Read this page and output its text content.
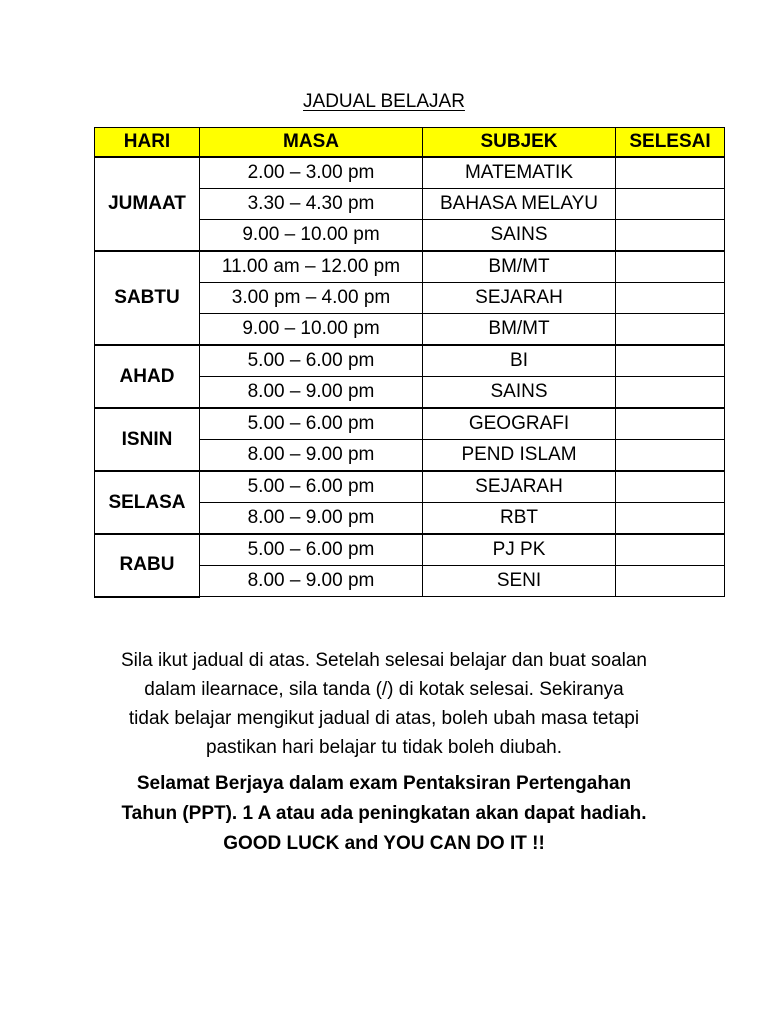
JADUAL BELAJAR
HARI	MASA	SUBJEK	SELESAI
JUMAAT	2.00 – 3.00 pm	MATEMATIK	
	3.30 – 4.30 pm	BAHASA MELAYU	
	9.00 – 10.00 pm	SAINS	
SABTU	11.00 am – 12.00 pm	BM/MT	
	3.00 pm – 4.00 pm	SEJARAH	
	9.00 – 10.00 pm	BM/MT	
AHAD	5.00 – 6.00 pm	BI	
	8.00 – 9.00 pm	SAINS	
ISNIN	5.00 – 6.00 pm	GEOGRAFI	
	8.00 – 9.00 pm	PEND ISLAM	
SELASA	5.00 – 6.00 pm	SEJARAH	
	8.00 – 9.00 pm	RBT	
RABU	5.00 – 6.00 pm	PJ PK	
	8.00 – 9.00 pm	SENI	
Sila ikut jadual di atas. Setelah selesai belajar dan buat soalan
dalam ilearnace, sila tanda (/) di kotak selesai. Sekiranya
tidak belajar mengikut jadual di atas, boleh ubah masa tetapi
pastikan hari belajar tu tidak boleh diubah.
Selamat Berjaya dalam exam Pentaksiran Pertengahan
Tahun (PPT). 1 A atau ada peningkatan akan dapat hadiah.
GOOD LUCK and YOU CAN DO IT !!
